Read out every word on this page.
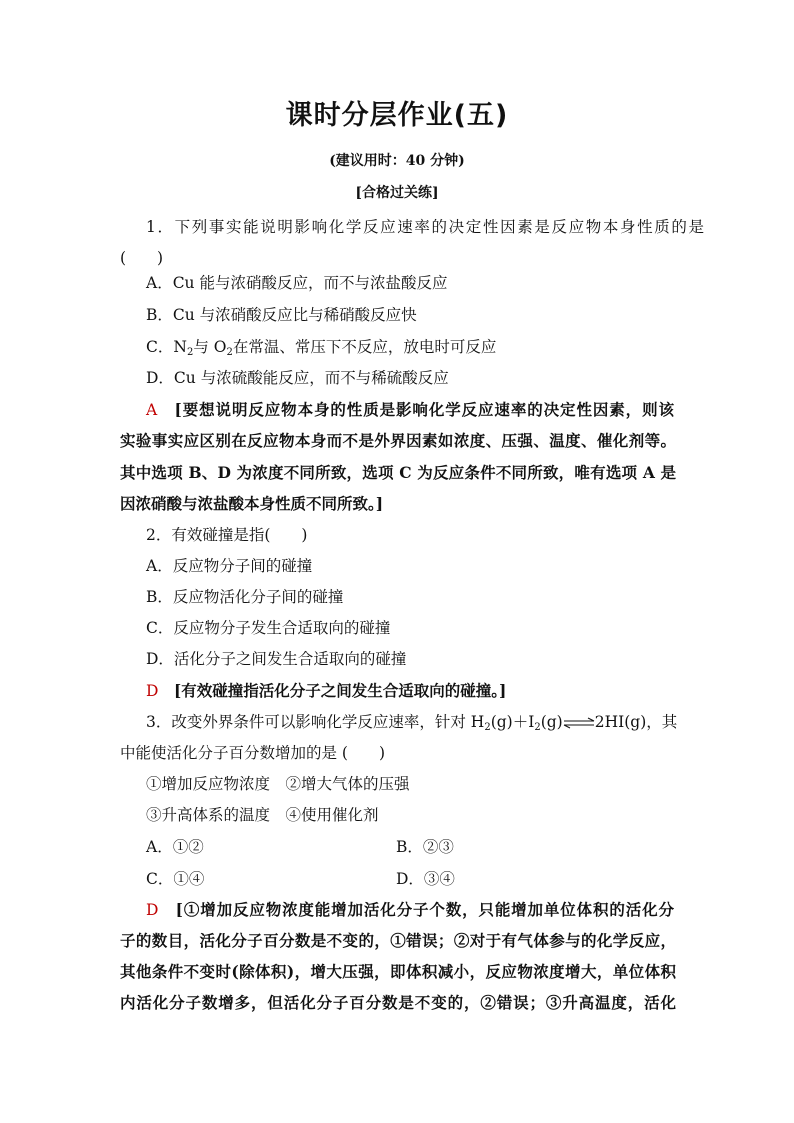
课时分层作业(五)
(建议用时：40 分钟)
[合格过关练]
1．下列事实能说明影响化学反应速率的决定性因素是反应物本身性质的是
(　　)
A．Cu 能与浓硝酸反应，而不与浓盐酸反应
B．Cu 与浓硝酸反应比与稀硝酸反应快
C．$N_2$与 $O_2$在常温、常压下不反应，放电时可反应
D．Cu 与浓硫酸能反应，而不与稀硫酸反应
A　 [要想说明反应物本身的性质是影响化学反应速率的决定性因素，则该
实验事实应区别在反应物本身而不是外界因素如浓度、压强、温度、催化剂等。
其中选项 B、D 为浓度不同所致，选项 C 为反应条件不同所致，唯有选项 A 是
因浓硝酸与浓盐酸本身性质不同所致。]
2．有效碰撞是指(　　)
A．反应物分子间的碰撞
B．反应物活化分子间的碰撞
C．反应物分子发生合适取向的碰撞
D．活化分子之间发生合适取向的碰撞
D　 [有效碰撞指活化分子之间发生合适取向的碰撞。]
3．改变外界条件可以影响化学反应速率，针对 $H_2(g)+I_2(g)\rightleftharpoons 2HI(g)$，其
中能使活化分子百分数增加的是 (　　)
①增加反应物浓度　②增大气体的压强
③升高体系的温度　④使用催化剂
A．①②	B．②③
C．①④	D．③④
D　 [①增加反应物浓度能增加活化分子个数，只能增加单位体积的活化分
子的数目，活化分子百分数是不变的，①错误；②对于有气体参与的化学反应，
其他条件不变时(除体积)，增大压强，即体积减小，反应物浓度增大，单位体积
内活化分子数增多，但活化分子百分数是不变的，②错误；③升高温度，活化
